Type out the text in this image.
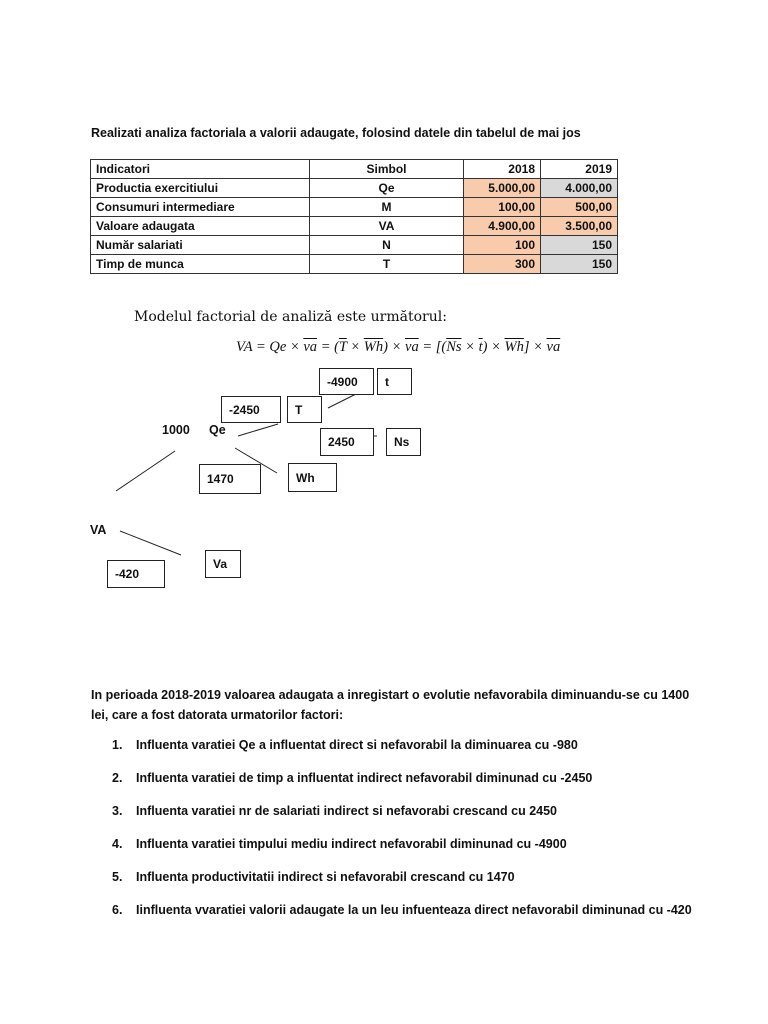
Realizati analiza factoriala a valorii adaugate, folosind datele din tabelul de mai jos
Indicatori	Simbol	2018	2019
Productia exercitiului	Qe	5.000,00	4.000,00
Consumuri intermediare	M	100,00	500,00
Valoare adaugata	VA	4.900,00	3.500,00
Număr salariati	N	100	150
Timp de munca	T	300	150
Modelul factorial de analiză este următorul:
VA = $Qe \times \overline{va} = (\overline{T} \times \overline{Wh}) \times \overline{va} = [(\overline{Ns} \times \overline{t}) \times \overline{Wh}] \times \overline{va}$
-4900	t
-2450	T
1000 Qe
2450	Ns
1470	Wh
VA
Va
-420
In perioada 2018-2019 valoarea adaugata a inregistart o evolutie nefavorabila diminuandu-se cu 1400 lei, care a fost datorata urmatorilor factori:
1.	Influenta varatiei Qe a influentat direct si nefavorabil la diminuarea cu -980
2.	Influenta varatiei de timp a influentat indirect nefavorabil diminunad cu -2450
3.	Influenta varatiei nr de salariati indirect si nefavorabi crescand cu 2450
4.	Influenta varatiei timpului mediu indirect nefavorabil diminunad cu -4900
5.	Influenta productivitatii indirect si nefavorabil crescand cu 1470
6.	Iinfluenta vvaratiei valorii adaugate la un leu infuenteaza direct nefavorabil diminunad cu -420
